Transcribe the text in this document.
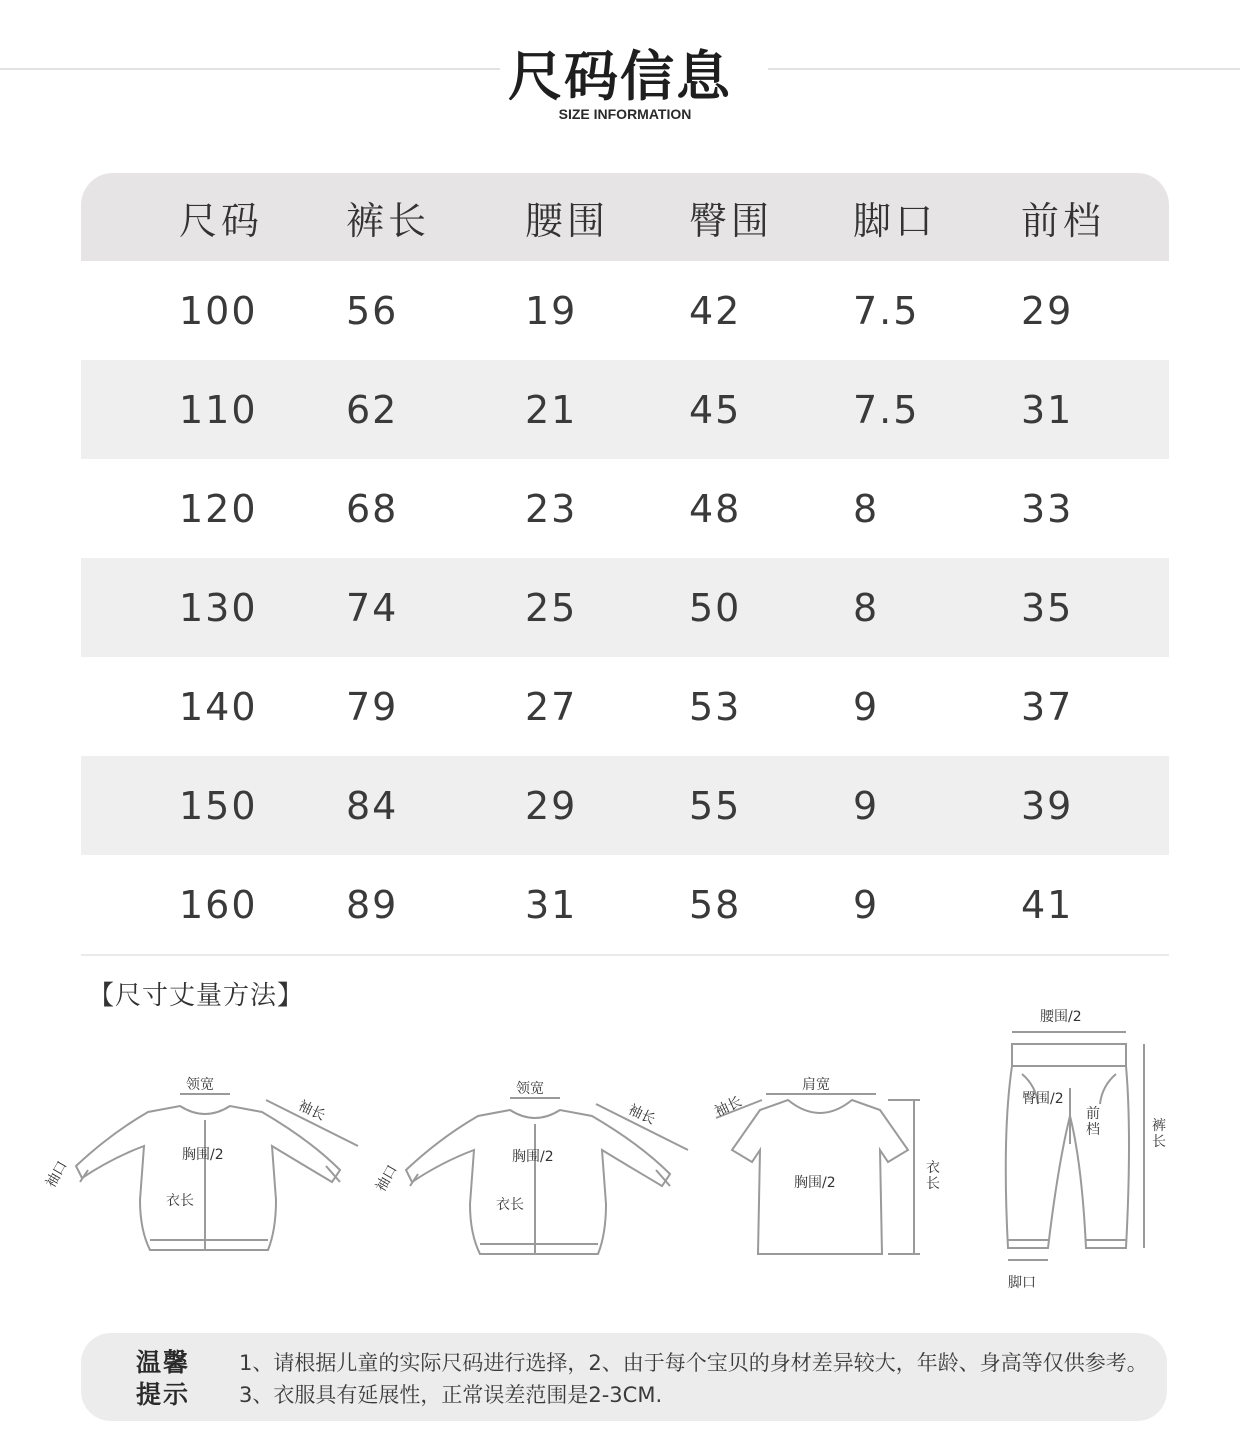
尺码信息
SIZE INFORMATION
尺码 裤长 腰围 臀围 脚口 前档
100 56	19	42	7.5	29
110 62	21	45	7.5	31
120 68	23	48	8	33
130 74	25	50	8	35
140 79	27	53	9	37
150 84	29	55	9	39
160 89	31	58	9	41
【尺寸丈量方法】
领宽
袖长
胸围/2
袖口
衣长
领宽
袖长
胸围/2
袖口
衣长
肩宽
袖长
胸围/2
衣长
腰围/2
臀围/2
前档	裤长
脚口
温馨提示
1、请根据儿童的实际尺码进行选择，2、由于每个宝贝的身材差异较大，年龄、身高等仅供参考。3、衣服具有延展性，正常误差范围是2-3CM.
